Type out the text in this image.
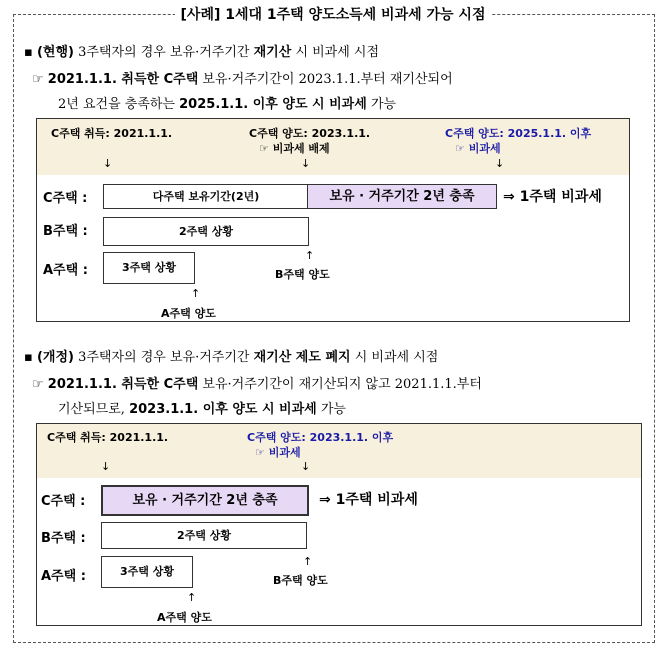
[사례] 1세대 1주택 양도소득세 비과세 가능 시점
▪ (현행) 3주택자의 경우 보유·거주기간 재기산 시 비과세 시점
☞ 2021.1.1. 취득한 C주택 보유·거주기간이 2023.1.1.부터 재기산되어
2년 요건을 충족하는 2025.1.1. 이후 양도 시 비과세 가능
C주택 취득: 2021.1.1.	C주택 양도: 2023.1.1.
☞ 비과세 배제
C주택 양도: 2025.1.1. 이후
☞ 비과세
↓	↓	↓
C주택 :	다주택 보유기간(2년)	보유 · 거주기간 2년 충족	⇒ 1주택 비과세
B주택 :	2주택 상황
A주택 :	3주택 상황
↑
B주택 양도
↑
A주택 양도
▪ (개정) 3주택자의 경우 보유·거주기간 재기산 제도 폐지 시 비과세 시점
☞ 2021.1.1. 취득한 C주택 보유·거주기간이 재기산되지 않고 2021.1.1.부터
기산되므로, 2023.1.1. 이후 양도 시 비과세 가능
C주택 취득: 2021.1.1.	C주택 양도: 2023.1.1. 이후
☞ 비과세
↓	↓
C주택 :	보유 · 거주기간 2년 충족	⇒ 1주택 비과세
B주택 :	2주택 상황
A주택 :	3주택 상황
↑
B주택 양도
↑
A주택 양도
